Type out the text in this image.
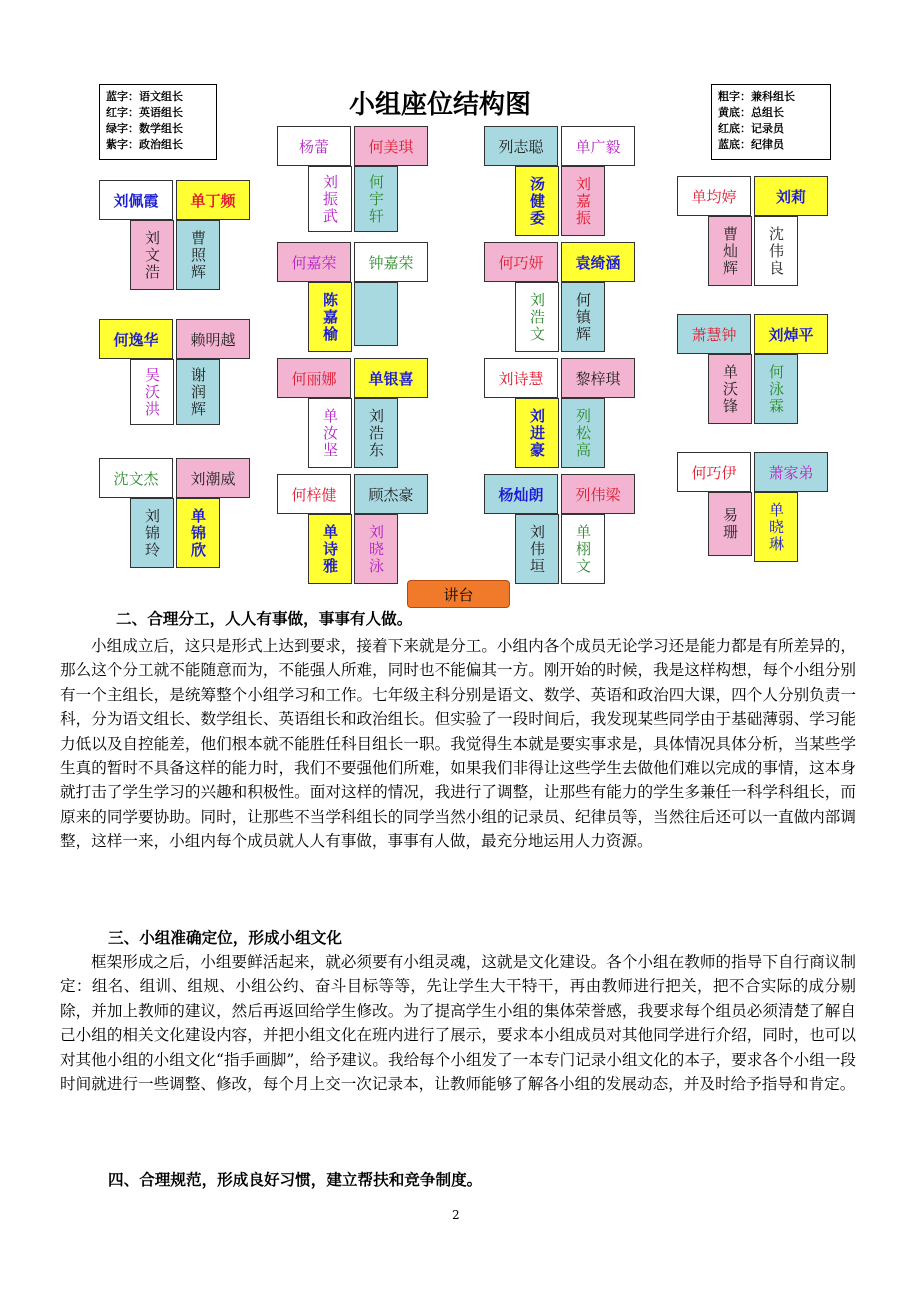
蓝字：语文组长
红字：英语组长
绿字：数学组长
紫字：政治组长
粗字：兼科组长
黄底：总组长
红底：记录员
蓝底：纪律员
小组座位结构图
刘佩霞	单丁频
刘文浩	曹照辉
何逸华	赖明越
吴沃洪	谢润辉
沈文杰	刘潮威
刘锦玲	单锦欣
杨蕾	何美琪
刘振武	何宇轩
何嘉荣	钟嘉荣
陈嘉榆
何丽娜	单银喜
单汝坚	刘浩东
何梓健	顾杰豪
单诗雅	刘晓泳
列志聪	单广毅
汤健委	刘嘉振
何巧妍	袁绮涵
刘浩文	何镇辉
刘诗慧	黎梓琪
刘进豪	列松高
杨灿朗	列伟梁
刘伟垣	单栩文
单均婷	刘莉
曹灿辉	沈伟良
萧慧钟	刘焯平
单沃锋	何泳霖
何巧伊	萧家弟
易珊	单晓琳
讲台
二、合理分工，人人有事做，事事有人做。
小组成立后，这只是形式上达到要求，接着下来就是分工。小组内各个成员无论学习还是能力都是有所差异的，那么这个分工就不能随意而为，不能强人所难，同时也不能偏其一方。刚开始的时候，我是这样构想，每个小组分别有一个主组长，是统筹整个小组学习和工作。七年级主科分别是语文、数学、英语和政治四大课，四个人分别负责一科，分为语文组长、数学组长、英语组长和政治组长。但实验了一段时间后，我发现某些同学由于基础薄弱、学习能力低以及自控能差，他们根本就不能胜任科目组长一职。我觉得生本就是要实事求是，具体情况具体分析，当某些学生真的暂时不具备这样的能力时，我们不要强他们所难，如果我们非得让这些学生去做他们难以完成的事情，这本身就打击了学生学习的兴趣和积极性。面对这样的情况，我进行了调整，让那些有能力的学生多兼任一科学科组长，而原来的同学要协助。同时，让那些不当学科组长的同学当然小组的记录员、纪律员等，当然往后还可以一直做内部调整，这样一来，小组内每个成员就人人有事做，事事有人做，最充分地运用人力资源。
三、小组准确定位，形成小组文化
框架形成之后，小组要鲜活起来，就必须要有小组灵魂，这就是文化建设。各个小组在教师的指导下自行商议制定：组名、组训、组规、小组公约、奋斗目标等等，先让学生大干特干，再由教师进行把关，把不合实际的成分剔除，并加上教师的建议，然后再返回给学生修改。为了提高学生小组的集体荣誉感，我要求每个组员必须清楚了解自己小组的相关文化建设内容，并把小组文化在班内进行了展示，要求本小组成员对其他同学进行介绍，同时，也可以对其他小组的小组文化“指手画脚”，给予建议。我给每个小组发了一本专门记录小组文化的本子，要求各个小组一段时间就进行一些调整、修改，每个月上交一次记录本，让教师能够了解各小组的发展动态，并及时给予指导和肯定。
四、合理规范，形成良好习惯，建立帮扶和竞争制度。
2
